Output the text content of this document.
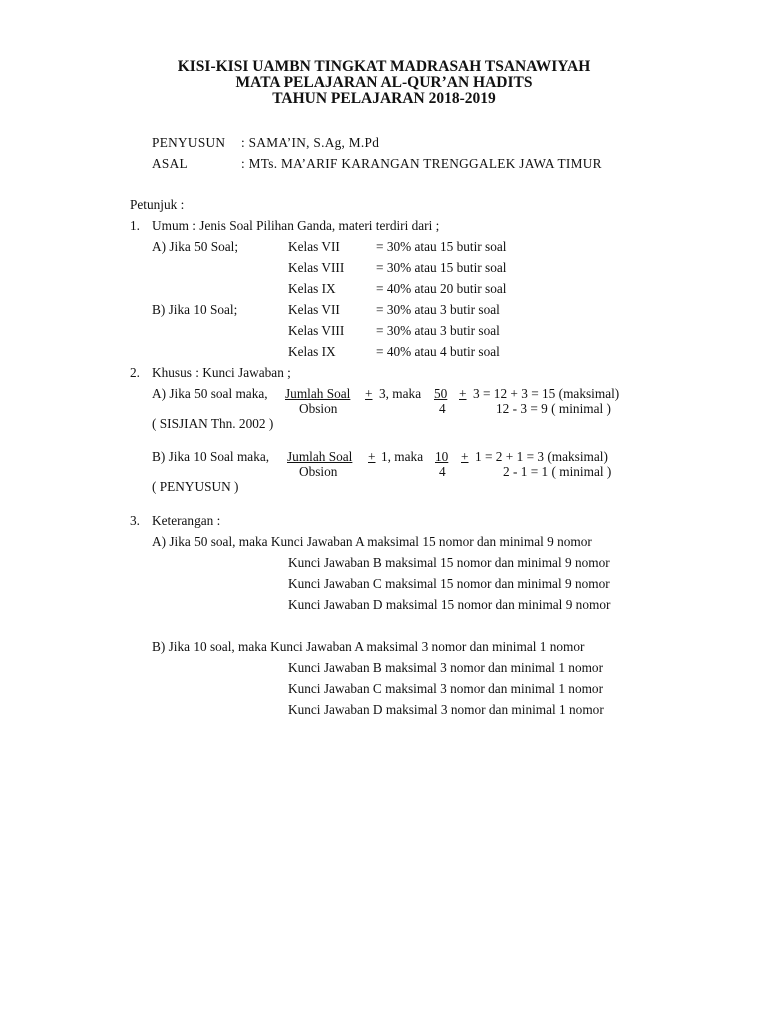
KISI-KISI UAMBN TINGKAT MADRASAH TSANAWIYAH
MATA PELAJARAN AL-QUR’AN HADITS
TAHUN PELAJARAN 2018-2019
PENYUSUN : SAMA’IN, S.Ag, M.Pd
ASAL	: MTs. MA’ARIF KARANGAN TRENGGALEK JAWA TIMUR
Petunjuk :
1. Umum : Jenis Soal Pilihan Ganda, materi terdiri dari ;
A) Jika 50 Soal;	Kelas VII	= 30% atau 15 butir soal
Kelas VIII = 30% atau 15 butir soal
Kelas IX	= 40% atau 20 butir soal
B) Jika 10 Soal;	Kelas VII	= 30% atau 3 butir soal
Kelas VIII = 30% atau 3 butir soal
Kelas IX	= 40% atau 4 butir soal
2. Khusus : Kunci Jawaban ;
A) Jika 50 soal maka, Jumlah Soal + 3, maka 50 + 3 = 12 + 3 = 15 (maksimal)
Obsion	4	12 - 3 = 9 ( minimal )
( SISJIAN Thn. 2002 )
B) Jika 10 Soal maka, Jumlah Soal + 1, maka 10 + 1 = 2 + 1 = 3 (maksimal)
Obsion	4	2 - 1 = 1 ( minimal )
( PENYUSUN )
3. Keterangan :
A) Jika 50 soal, maka Kunci Jawaban A maksimal 15 nomor dan minimal 9 nomor
Kunci Jawaban B maksimal 15 nomor dan minimal 9 nomor
Kunci Jawaban C maksimal 15 nomor dan minimal 9 nomor
Kunci Jawaban D maksimal 15 nomor dan minimal 9 nomor
B) Jika 10 soal, maka Kunci Jawaban A maksimal 3 nomor dan minimal 1 nomor
Kunci Jawaban B maksimal 3 nomor dan minimal 1 nomor
Kunci Jawaban C maksimal 3 nomor dan minimal 1 nomor
Kunci Jawaban D maksimal 3 nomor dan minimal 1 nomor
